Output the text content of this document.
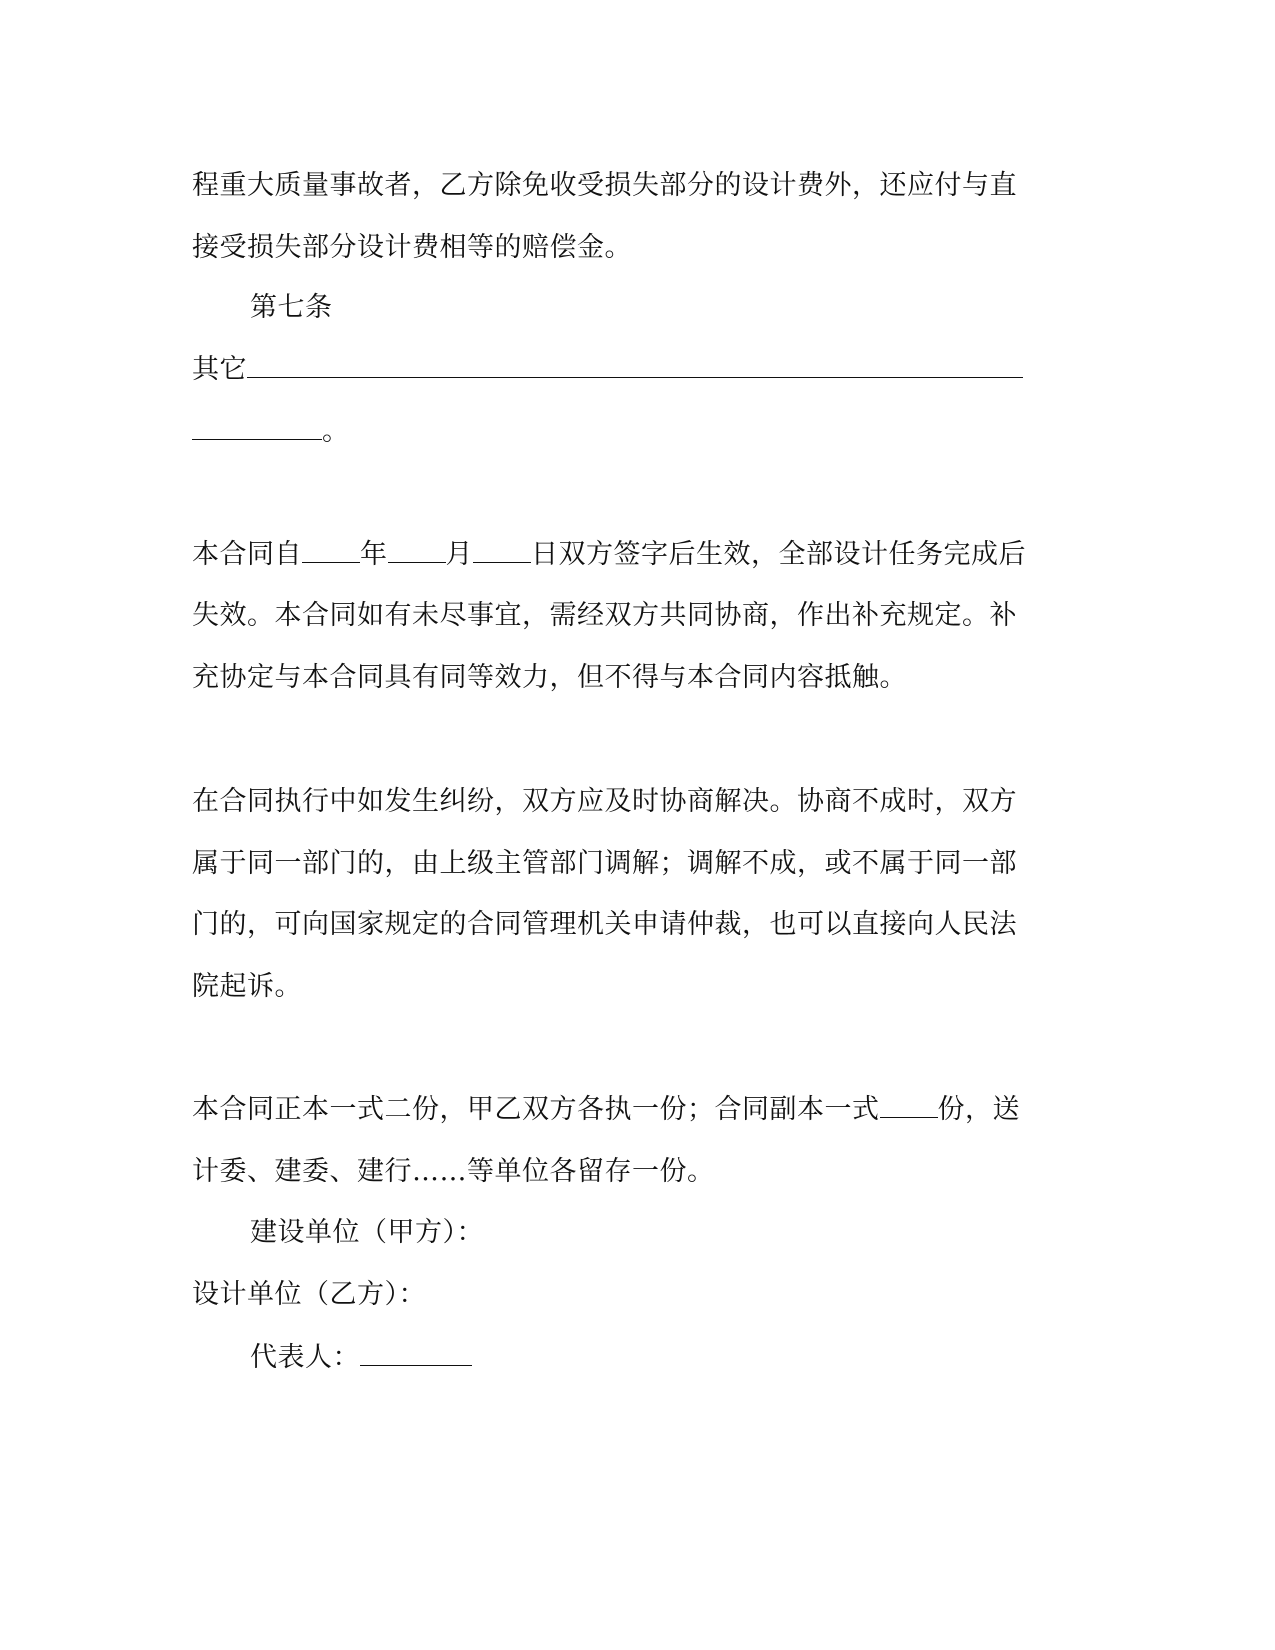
程重大质量事故者，乙方除免收受损失部分的设计费外，还应付与直
接受损失部分设计费相等的赔偿金。
第七条
其它
。
本合同自 年 月 日双方签字后生效，全部设计任务完成后
失效。本合同如有未尽事宜，需经双方共同协商，作出补充规定。补
充协定与本合同具有同等效力，但不得与本合同内容抵触。
在合同执行中如发生纠纷，双方应及时协商解决。协商不成时，双方
属于同一部门的，由上级主管部门调解；调解不成，或不属于同一部
门的，可向国家规定的合同管理机关申请仲裁，也可以直接向人民法
院起诉。
本合同正本一式二份，甲乙双方各执一份；合同副本一式 份，送
计委、建委、建行……等单位各留存一份。
建设单位（甲方）：
设计单位（乙方）：
代表人：
